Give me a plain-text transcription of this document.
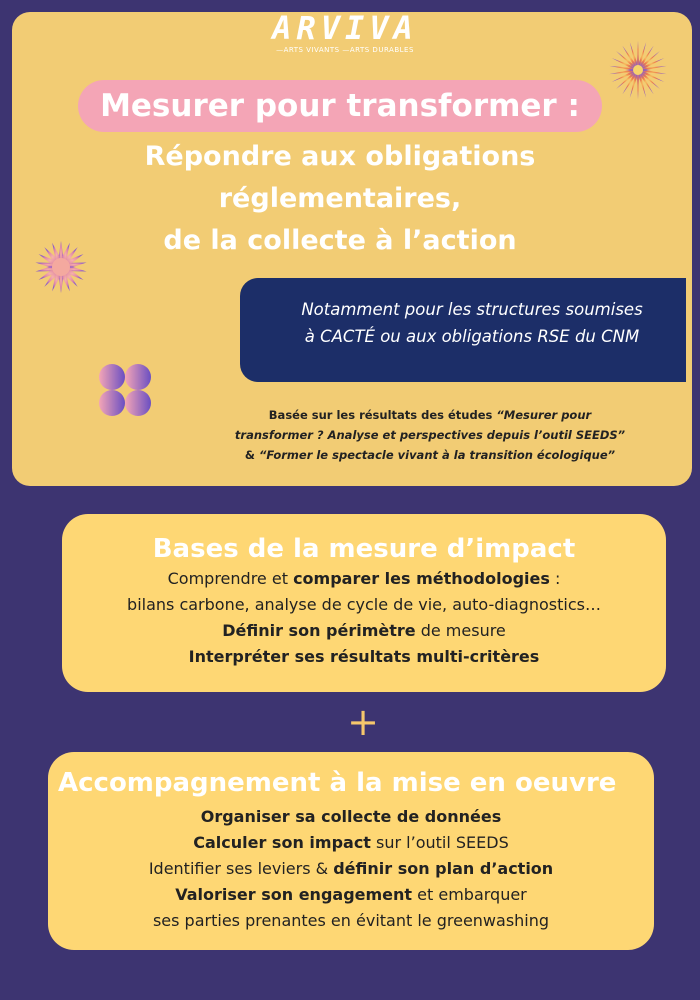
ARVIVA
—ARTS VIVANTS —ARTS DURABLES
Mesurer pour transformer :
Répondre aux obligations
réglementaires,
de la collecte à l’action
Notamment pour les structures soumises
à CACTÉ ou aux obligations RSE du CNM
Basée sur les résultats des études “Mesurer pour
transformer ? Analyse et perspectives depuis l’outil SEEDS”
& “Former le spectacle vivant à la transition écologique”
Bases de la mesure d’impact
Comprendre et comparer les méthodologies :
bilans carbone, analyse de cycle de vie, auto-diagnostics…
Définir son périmètre de mesure
Interpréter ses résultats multi-critères
+
Accompagnement à la mise en oeuvre
Organiser sa collecte de données
Calculer son impact sur l’outil SEEDS
Identifier ses leviers & définir son plan d’action
Valoriser son engagement et embarquer
ses parties prenantes en évitant le greenwashing
